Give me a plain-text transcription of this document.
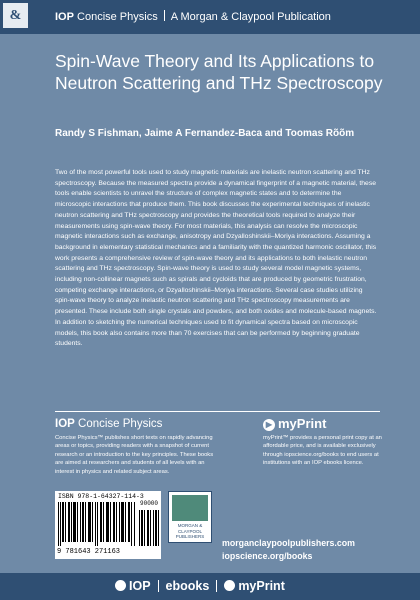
&	IOP Concise Physics A Morgan & Claypool Publication
Spin-Wave Theory and Its Applications to Neutron Scattering and THz Spectroscopy
Randy S Fishman, Jaime A Fernandez-Baca and Toomas Rõõm
Two of the most powerful tools used to study magnetic materials are inelastic neutron scattering and THz spectroscopy. Because the measured spectra provide a dynamical fingerprint of a magnetic material, these tools enable scientists to unravel the structure of complex magnetic states and to determine the microscopic interactions that produce them. This book discusses the experimental techniques of inelastic neutron scattering and THz spectroscopy and provides the theoretical tools required to analyze their measurements using spin-wave theory. For most materials, this analysis can resolve the microscopic magnetic interactions such as exchange, anisotropy and Dzyalloshinskii–Moriya interactions. Assuming a background in elementary statistical mechanics and a familiarity with the quantized harmonic oscillator, this work presents a comprehensive review of spin-wave theory and its applications to both inelastic neutron scattering and THz spectroscopy. Spin-wave theory is used to study several model magnetic systems, including non-collinear magnets such as spirals and cycloids that are produced by geometric frustration, competing exchange interactions, or Dzyalloshinskii–Moriya interactions. Several case studies utilizing spin-wave theory to analyze inelastic neutron scattering and THz spectroscopy measurements are presented. These include both single crystals and powders, and both oxides and molecule-based magnets. In addition to sketching the numerical techniques used to fit dynamical spectra based on microscopic models, this book also contains more than 70 exercises that can be performed by beginning graduate students.
IOP Concise Physics
Concise Physics™ publishes short texts on rapidly advancing areas or topics, providing readers with a snapshot of current research or an introduction to the key principles. These books are aimed at researchers and students of all levels with an interest in physics and related subject areas.
▶ myPrint
myPrint™ provides a personal print copy at an affordable price, and is available exclusively through iopscience.org/books to end users at institutions with an IOP ebooks licence.
ISBN 978-1-64327-114-3
90000
9 781643 271163
MORGAN & CLAYPOOL PUBLISHERS
morganclaypoolpublishers.com
iopscience.org/books
IOP ebooks myPrint
